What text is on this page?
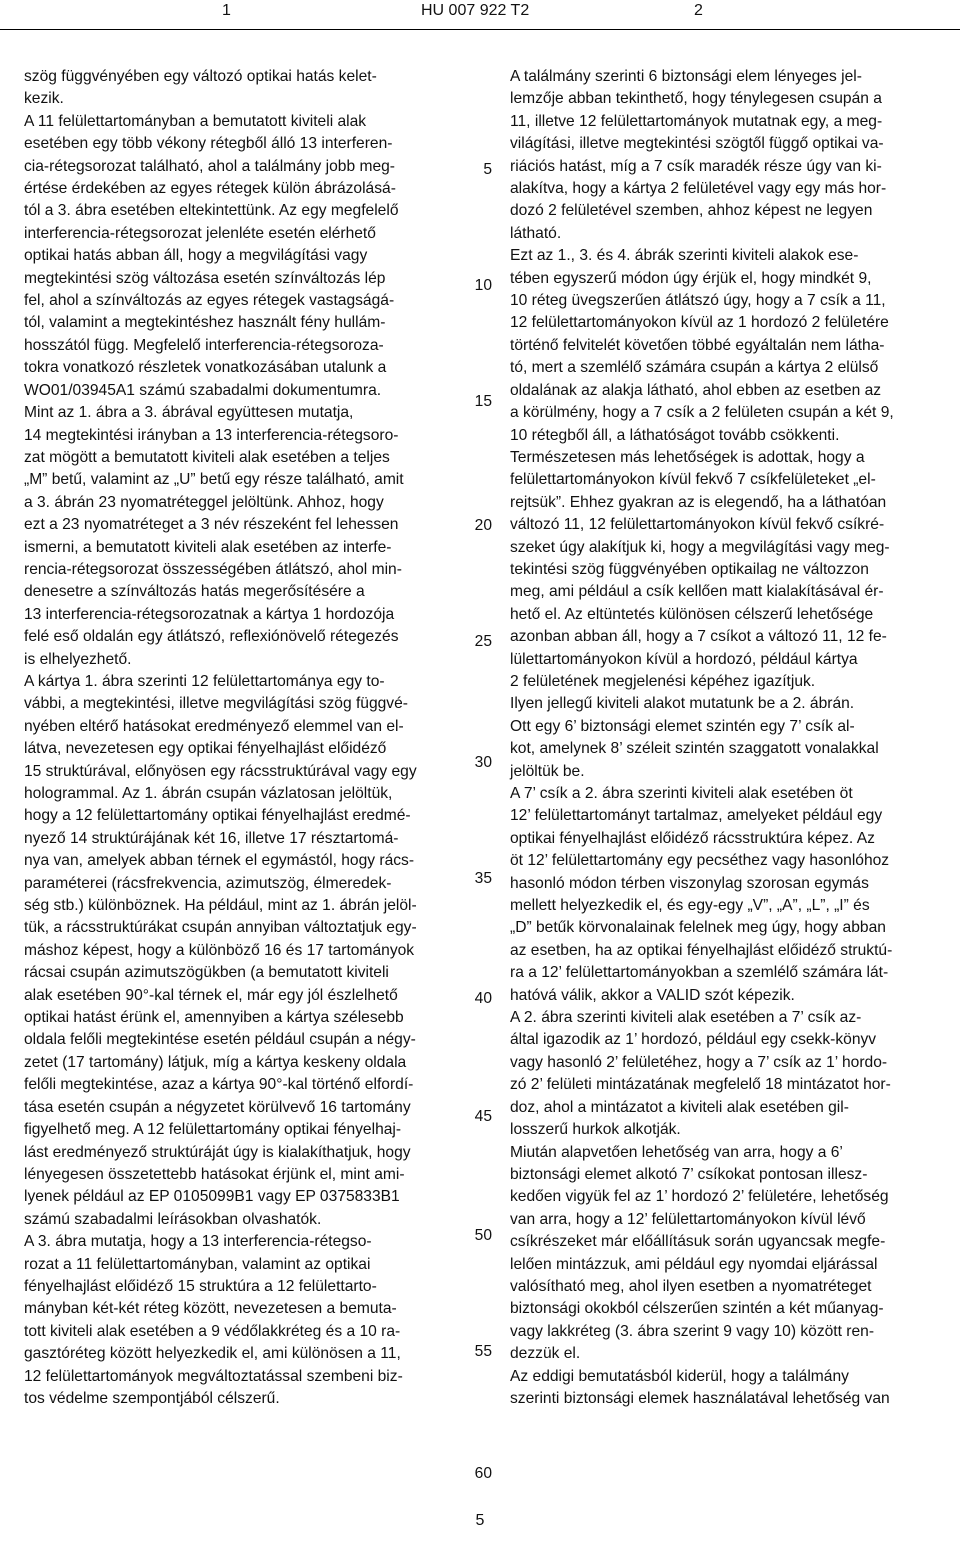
1	HU 007 922 T2	2

szög függvényében egy változó optikai hatás kelet-
kezik.

A 11 felülettartományban a bemutatott kiviteli alak
esetében egy több vékony rétegből álló 13 interferen-
cia-rétegsorozat található, ahol a találmány jobb meg-
értése érdekében az egyes rétegek külön ábrázolásá-
tól a 3. ábra esetében eltekintettünk. Az egy megfelelő
interferencia-rétegsorozat jelenléte esetén elérhető
optikai hatás abban áll, hogy a megvilágítási vagy
megtekintési szög változása esetén színváltozás lép
fel, ahol a színváltozás az egyes rétegek vastagságá-
tól, valamint a megtekintéshez használt fény hullám-
hosszától függ. Megfelelő interferencia-rétegsoroza-
tokra vonatkozó részletek vonatkozásában utalunk a
WO01/03945A1 számú szabadalmi dokumentumra.

Mint az 1. ábra a 3. ábrával együttesen mutatja,
14 megtekintési irányban a 13 interferencia-rétegsoro-
zat mögött a bemutatott kiviteli alak esetében a teljes
„M” betű, valamint az „U” betű egy része található, amit
a 3. ábrán 23 nyomatréteggel jelöltünk. Ahhoz, hogy
ezt a 23 nyomatréteget a 3 név részeként fel lehessen
ismerni, a bemutatott kiviteli alak esetében az interfe-
rencia-rétegsorozat összességében átlátszó, ahol min-
denesetre a színváltozás hatás megerősítésére a
13 interferencia-rétegsorozatnak a kártya 1 hordozója
felé eső oldalán egy átlátszó, reflexiónövelő rétegezés
is elhelyezhető.

A kártya 1. ábra szerinti 12 felülettartománya egy to-
vábbi, a megtekintési, illetve megvilágítási szög függvé-
nyében eltérő hatásokat eredményező elemmel van el-
látva, nevezetesen egy optikai fényelhajlást előidéző
15 struktúrával, előnyösen egy rácsstruktúrával vagy egy
hologrammal. Az 1. ábrán csupán vázlatosan jelöltük,
hogy a 12 felülettartomány optikai fényelhajlást eredmé-
nyező 14 struktúrájának két 16, illetve 17 résztartomá-
nya van, amelyek abban térnek el egymástól, hogy rács-
paraméterei (rácsfrekvencia, azimutszög, élmeredek-
ség stb.) különböznek. Ha például, mint az 1. ábrán jelöl-
tük, a rácsstruktúrákat csupán annyiban változtatjuk egy-
máshoz képest, hogy a különböző 16 és 17 tartományok
rácsai csupán azimutszögükben (a bemutatott kiviteli
alak esetében 90°-kal térnek el, már egy jól észlelhető
optikai hatást érünk el, amennyiben a kártya szélesebb
oldala felőli megtekintése esetén például csupán a négy-
zetet (17 tartomány) látjuk, míg a kártya keskeny oldala
felőli megtekintése, azaz a kártya 90°-kal történő elfordí-
tása esetén csupán a négyzetet körülvevő 16 tartomány
figyelhető meg. A 12 felülettartomány optikai fényelhaj-
lást eredményező struktúráját úgy is kialakíthatjuk, hogy
lényegesen összetettebb hatásokat érjünk el, mint ami-
lyenek például az EP 0105099B1 vagy EP 0375833B1
számú szabadalmi leírásokban olvashatók.

A 3. ábra mutatja, hogy a 13 interferencia-rétegso-
rozat a 11 felülettartományban, valamint az optikai
fényelhajlást előidéző 15 struktúra a 12 felülettarto-
mányban két-két réteg között, nevezetesen a bemuta-
tott kiviteli alak esetében a 9 védőlakkréteg és a 10 ra-
gasztóréteg között helyezkedik el, ami különösen a 11,
12 felülettartományok megváltoztatással szembeni biz-
tos védelme szempontjából célszerű.

5
10
15
20
25
30
35
40
45
50
55
60

A találmány szerinti 6 biztonsági elem lényeges jel-
lemzője abban tekinthető, hogy ténylegesen csupán a
11, illetve 12 felülettartományok mutatnak egy, a meg-
világítási, illetve megtekintési szögtől függő optikai va-
riációs hatást, míg a 7 csík maradék része úgy van ki-
alakítva, hogy a kártya 2 felületével vagy egy más hor-
dozó 2 felületével szemben, ahhoz képest ne legyen
látható.

Ezt az 1., 3. és 4. ábrák szerinti kiviteli alakok ese-
tében egyszerű módon úgy érjük el, hogy mindkét 9,
10 réteg üvegszerűen átlátszó úgy, hogy a 7 csík a 11,
12 felülettartományokon kívül az 1 hordozó 2 felületére
történő felvitelét követően többé egyáltalán nem látha-
tó, mert a szemlélő számára csupán a kártya 2 elülső
oldalának az alakja látható, ahol ebben az esetben az
a körülmény, hogy a 7 csík a 2 felületen csupán a két 9,
10 rétegből áll, a láthatóságot tovább csökkenti.

Természetesen más lehetőségek is adottak, hogy a
felülettartományokon kívül fekvő 7 csíkfelületeket „el-
rejtsük”. Ehhez gyakran az is elegendő, ha a láthatóan
változó 11, 12 felülettartományokon kívül fekvő csíkré-
szeket úgy alakítjuk ki, hogy a megvilágítási vagy meg-
tekintési szög függvényében optikailag ne változzon
meg, ami például a csík kellően matt kialakításával ér-
hető el. Az eltüntetés különösen célszerű lehetősége
azonban abban áll, hogy a 7 csíkot a változó 11, 12 fe-
lülettartományokon kívül a hordozó, például kártya
2 felületének megjelenési képéhez igazítjuk.

Ilyen jellegű kiviteli alakot mutatunk be a 2. ábrán.

Ott egy 6’ biztonsági elemet szintén egy 7’ csík al-
kot, amelynek 8’ széleit szintén szaggatott vonalakkal
jelöltük be.

A 7’ csík a 2. ábra szerinti kiviteli alak esetében öt
12’ felülettartományt tartalmaz, amelyeket például egy
optikai fényelhajlást előidéző rácsstruktúra képez. Az
öt 12’ felülettartomány egy pecséthez vagy hasonlóhoz
hasonló módon térben viszonylag szorosan egymás
mellett helyezkedik el, és egy-egy „V”, „A”, „L”, „I” és
„D” betűk körvonalainak felelnek meg úgy, hogy abban
az esetben, ha az optikai fényelhajlást előidéző struktú-
ra a 12’ felülettartományokban a szemlélő számára lát-
hatóvá válik, akkor a VALID szót képezik.

A 2. ábra szerinti kiviteli alak esetében a 7’ csík az-
által igazodik az 1’ hordozó, például egy csekk-könyv
vagy hasonló 2’ felületéhez, hogy a 7’ csík az 1’ hordo-
zó 2’ felületi mintázatának megfelelő 18 mintázatot hor-
doz, ahol a mintázatot a kiviteli alak esetében gil-
losszerű hurkok alkotják.

Miután alapvetően lehetőség van arra, hogy a 6’
biztonsági elemet alkotó 7’ csíkokat pontosan illesz-
kedően vigyük fel az 1’ hordozó 2’ felületére, lehetőség
van arra, hogy a 12’ felülettartományokon kívül lévő
csíkrészeket már előállításuk során ugyancsak megfe-
lelően mintázzuk, ami például egy nyomdai eljárással
valósítható meg, ahol ilyen esetben a nyomatréteget
biztonsági okokból célszerűen szintén a két műanyag-
vagy lakkréteg (3. ábra szerint 9 vagy 10) között ren-
dezzük el.

Az eddigi bemutatásból kiderül, hogy a találmány
szerinti biztonsági elemek használatával lehetőség van

5
